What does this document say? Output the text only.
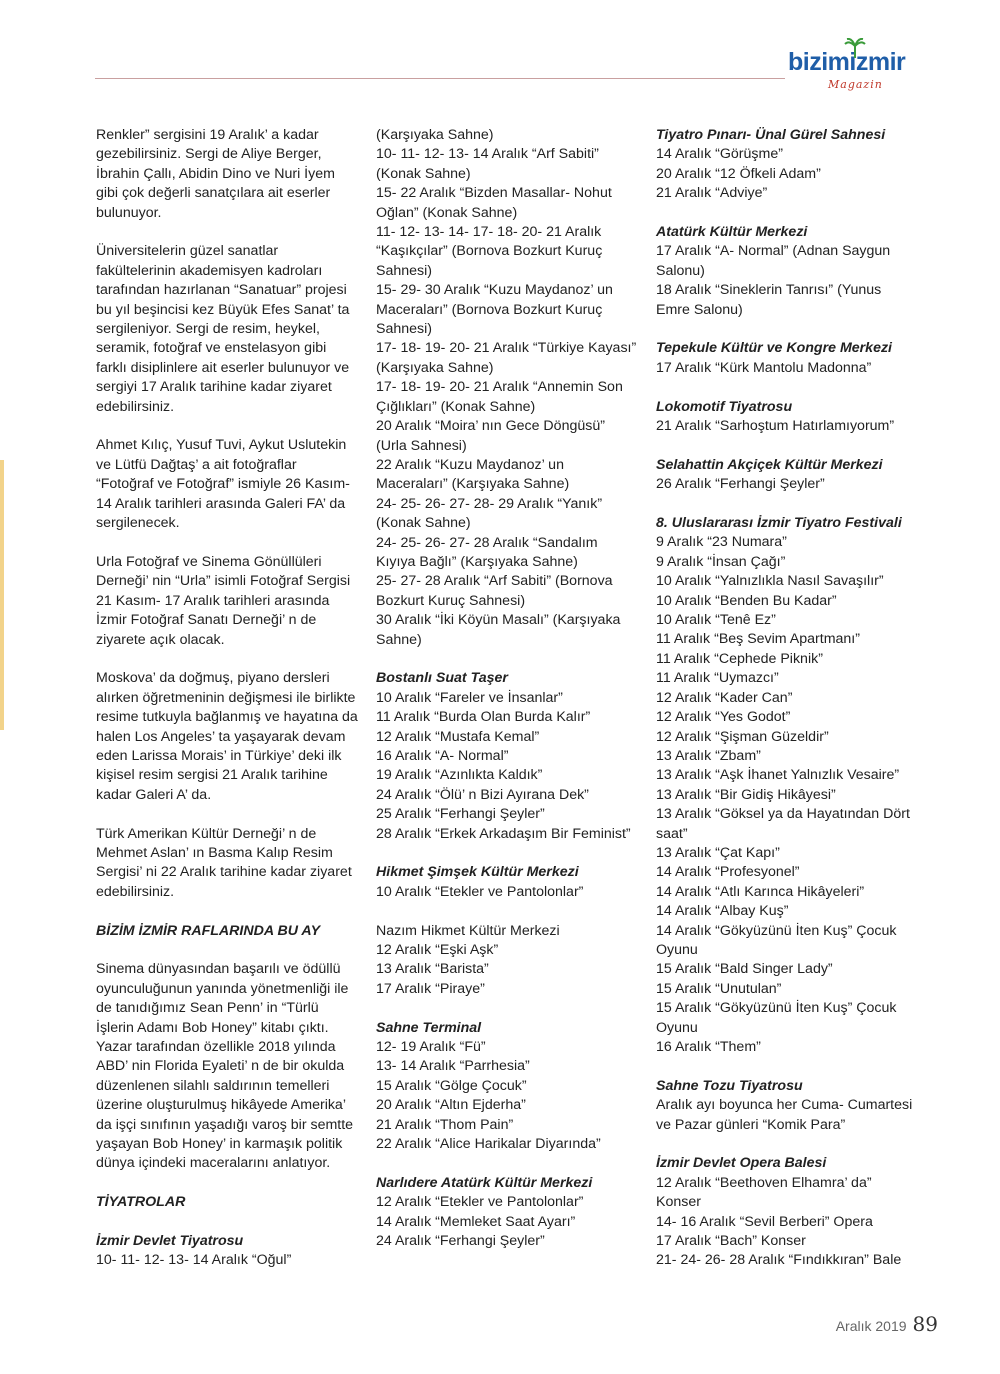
bizimizmir
Magazin
Renkler” sergisini 19 Aralık’ a kadar gezebilirsiniz. Sergi de Aliye Berger, İbrahin Çallı, Abidin Dino ve Nuri İyem gibi çok değerli sanatçılara ait eserler bulunuyor.
Üniversitelerin güzel sanatlar fakültelerinin akademisyen kadroları tarafından hazırlanan “Sanatuar” projesi bu yıl beşincisi kez Büyük Efes Sanat’ ta sergileniyor. Sergi de resim, heykel, seramik, fotoğraf ve enstelasyon gibi farklı disiplinlere ait eserler bulunuyor ve sergiyi 17 Aralık tarihine kadar ziyaret edebilirsiniz.
Ahmet Kılıç, Yusuf Tuvi, Aykut Uslutekin ve Lütfü Dağtaş’ a ait fotoğraflar “Fotoğraf ve Fotoğraf” ismiyle 26 Kasım- 14 Aralık tarihleri arasında Galeri FA’ da sergilenecek.
Urla Fotoğraf ve Sinema Gönüllüleri Derneği’ nin “Urla” isimli Fotoğraf Sergisi 21 Kasım- 17 Aralık tarihleri arasında İzmir Fotoğraf Sanatı Derneği’ n de ziyarete açık olacak.
Moskova’ da doğmuş, piyano dersleri alırken öğretmeninin değişmesi ile birlikte resime tutkuyla bağlanmış ve hayatına da halen Los Angeles’ ta yaşayarak devam eden Larissa Morais’ in Türkiye’ deki ilk kişisel resim sergisi 21 Aralık tarihine kadar Galeri A’ da.
Türk Amerikan Kültür Derneği’ n de Mehmet Aslan’ ın Basma Kalıp Resim Sergisi’ ni 22 Aralık tarihine kadar ziyaret edebilirsiniz.
BİZİM İZMİR RAFLARINDA BU AY
Sinema dünyasından başarılı ve ödüllü oyunculuğunun yanında yönetmenliği ile de tanıdığımız Sean Penn’ in “Türlü İşlerin Adamı Bob Honey” kitabı çıktı. Yazar tarafından özellikle 2018 yılında ABD’ nin Florida Eyaleti’ n de bir okulda düzenlenen silahlı saldırının temelleri üzerine oluşturulmuş hikâyede Amerika’ da işçi sınıfının yaşadığı varoş bir semtte yaşayan Bob Honey’ in karmaşık politik dünya içindeki maceralarını anlatıyor.
TİYATROLAR
İzmir Devlet Tiyatrosu
10- 11- 12- 13- 14 Aralık “Oğul”
(Karşıyaka Sahne)
10- 11- 12- 13- 14 Aralık “Arf Sabiti” (Konak Sahne)
15- 22 Aralık “Bizden Masallar- Nohut Oğlan” (Konak Sahne)
11- 12- 13- 14- 17- 18- 20- 21 Aralık “Kaşıkçılar” (Bornova Bozkurt Kuruç Sahnesi)
15- 29- 30 Aralık “Kuzu Maydanoz’ un Maceraları” (Bornova Bozkurt Kuruç Sahnesi)
17- 18- 19- 20- 21 Aralık “Türkiye Kayası” (Karşıyaka Sahne)
17- 18- 19- 20- 21 Aralık “Annemin Son Çığlıkları” (Konak Sahne)
20 Aralık “Moira’ nın Gece Döngüsü” (Urla Sahnesi)
22 Aralık “Kuzu Maydanoz’ un Maceraları” (Karşıyaka Sahne)
24- 25- 26- 27- 28- 29 Aralık “Yanık” (Konak Sahne)
24- 25- 26- 27- 28 Aralık “Sandalım Kıyıya Bağlı” (Karşıyaka Sahne)
25- 27- 28 Aralık “Arf Sabiti” (Bornova Bozkurt Kuruç Sahnesi)
30 Aralık “İki Köyün Masalı” (Karşıyaka Sahne)
Bostanlı Suat Taşer
10 Aralık “Fareler ve İnsanlar”
11 Aralık “Burda Olan Burda Kalır”
12 Aralık “Mustafa Kemal”
16 Aralık “A- Normal”
19 Aralık “Azınlıkta Kaldık”
24 Aralık “Ölü’ n Bizi Ayırana Dek”
25 Aralık “Ferhangi Şeyler”
28 Aralık “Erkek Arkadaşım Bir Feminist”
Hikmet Şimşek Kültür Merkezi
10 Aralık “Etekler ve Pantolonlar”
Nazım Hikmet Kültür Merkezi
12 Aralık “Eşki Aşk”
13 Aralık “Barista”
17 Aralık “Piraye”
Sahne Terminal
12- 19 Aralık “Fü”
13- 14 Aralık “Parrhesia”
15 Aralık “Gölge Çocuk”
20 Aralık “Altın Ejderha”
21 Aralık “Thom Pain”
22 Aralık “Alice Harikalar Diyarında”
Narlıdere Atatürk Kültür Merkezi
12 Aralık “Etekler ve Pantolonlar”
14 Aralık “Memleket Saat Ayarı”
24 Aralık “Ferhangi Şeyler”
Tiyatro Pınarı- Ünal Gürel Sahnesi
14 Aralık “Görüşme”
20 Aralık “12 Öfkeli Adam”
21 Aralık “Adviye”
Atatürk Kültür Merkezi
17 Aralık “A- Normal” (Adnan Saygun Salonu)
18 Aralık “Sineklerin Tanrısı” (Yunus Emre Salonu)
Tepekule Kültür ve Kongre Merkezi
17 Aralık “Kürk Mantolu Madonna”
Lokomotif Tiyatrosu
21 Aralık “Sarhoştum Hatırlamıyorum”
Selahattin Akçiçek Kültür Merkezi
26 Aralık “Ferhangi Şeyler”
8. Uluslararası İzmir Tiyatro Festivali
9 Aralık “23 Numara”
9 Aralık “İnsan Çağı”
10 Aralık “Yalnızlıkla Nasıl Savaşılır”
10 Aralık “Benden Bu Kadar”
10 Aralık “Tenê Ez”
11 Aralık “Beş Sevim Apartmanı”
11 Aralık “Cephede Piknik”
11 Aralık “Uymazcı”
12 Aralık “Kader Can”
12 Aralık “Yes Godot”
12 Aralık “Şişman Güzeldir”
13 Aralık “Zbam”
13 Aralık “Aşk İhanet Yalnızlık Vesaire”
13 Aralık “Bir Gidiş Hikâyesi”
13 Aralık “Göksel ya da Hayatından Dört saat”
13 Aralık “Çat Kapı”
14 Aralık “Profesyonel”
14 Aralık “Atlı Karınca Hikâyeleri”
14 Aralık “Albay Kuş”
14 Aralık “Gökyüzünü İten Kuş” Çocuk Oyunu
15 Aralık “Bald Singer Lady”
15 Aralık “Unutulan”
15 Aralık “Gökyüzünü İten Kuş” Çocuk Oyunu
16 Aralık “Them”
Sahne Tozu Tiyatrosu
Aralık ayı boyunca her Cuma- Cumartesi ve Pazar günleri “Komik Para”
İzmir Devlet Opera Balesi
12 Aralık “Beethoven Elhamra’ da” Konser
14- 16 Aralık “Sevil Berberi” Opera
17 Aralık “Bach” Konser
21- 24- 26- 28 Aralık “Fındıkkıran” Bale
Aralık 2019 89
